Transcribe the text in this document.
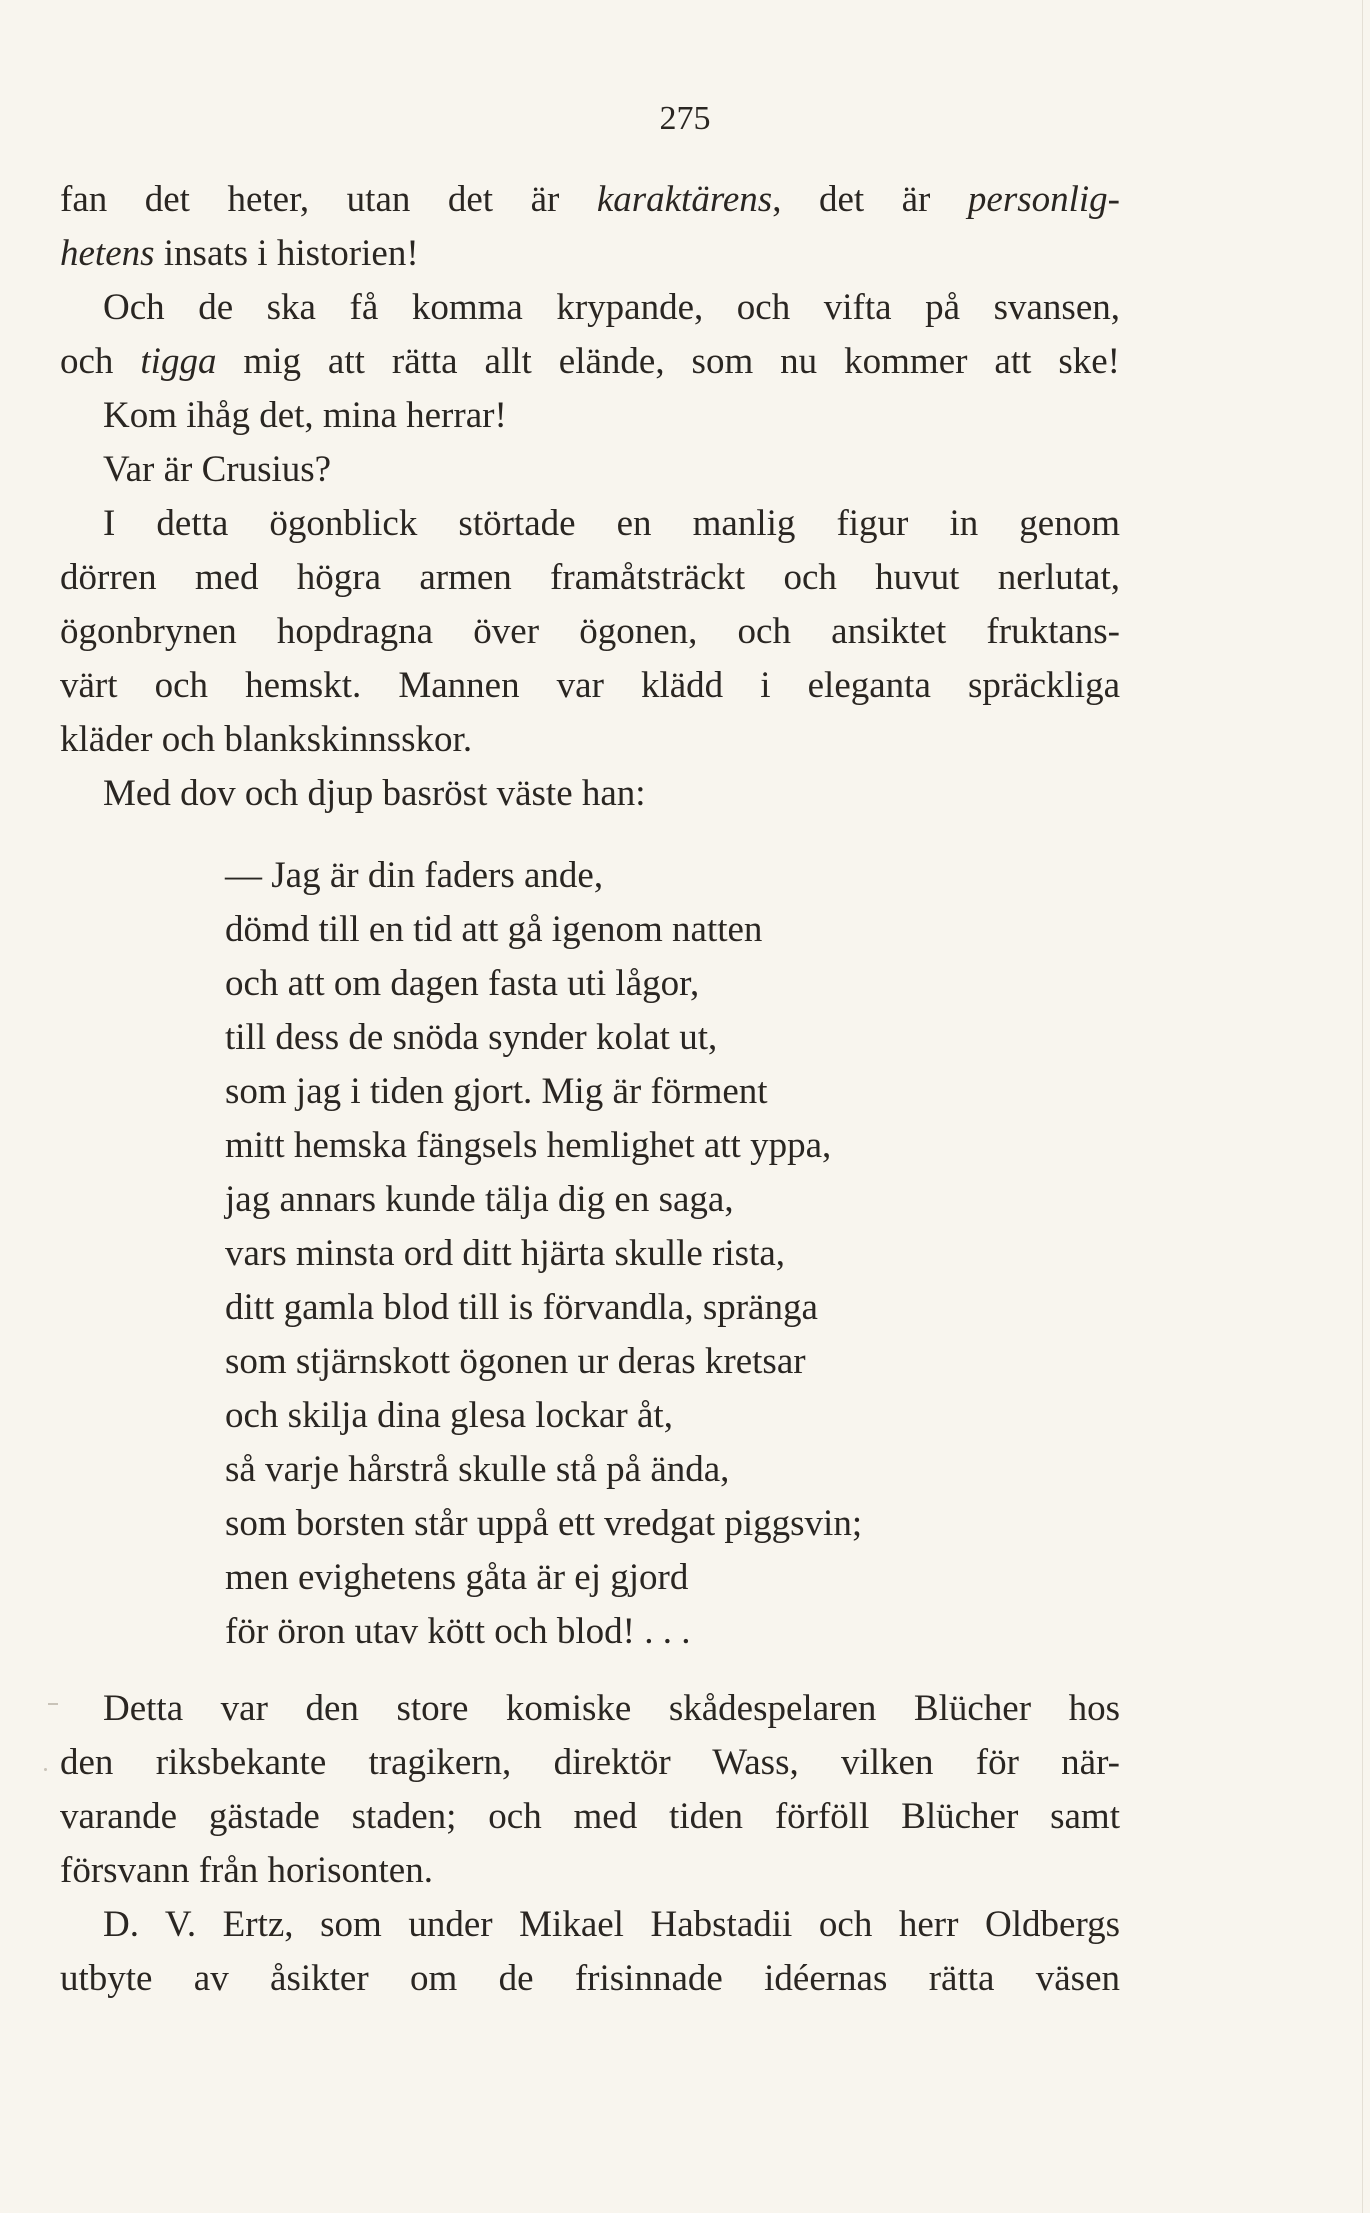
275
fan det heter, utan det är karaktärens, det är personlig-
hetens insats i historien!
Och de ska få komma krypande, och vifta på svansen,
och tigga mig att rätta allt elände, som nu kommer att ske!
Kom ihåg det, mina herrar!
Var är Crusius?
I detta ögonblick störtade en manlig figur in genom
dörren med högra armen framåtsträckt och huvut nerlutat,
ögonbrynen hopdragna över ögonen, och ansiktet fruktans-
värt och hemskt. Mannen var klädd i eleganta spräckliga
kläder och blankskinnsskor.
Med dov och djup basröst väste han:
— Jag är din faders ande,
dömd till en tid att gå igenom natten
och att om dagen fasta uti lågor,
till dess de snöda synder kolat ut,
som jag i tiden gjort. Mig är förment
mitt hemska fängsels hemlighet att yppa,
jag annars kunde tälja dig en saga,
vars minsta ord ditt hjärta skulle rista,
ditt gamla blod till is förvandla, spränga
som stjärnskott ögonen ur deras kretsar
och skilja dina glesa lockar åt,
så varje hårstrå skulle stå på ända,
som borsten står uppå ett vredgat piggsvin;
men evighetens gåta är ej gjord
för öron utav kött och blod! . . .
Detta var den store komiske skådespelaren Blücher hos
den riksbekante tragikern, direktör Wass, vilken för när-
varande gästade staden; och med tiden förföll Blücher samt
försvann från horisonten.
D. V. Ertz, som under Mikael Habstadii och herr Oldbergs
utbyte av åsikter om de frisinnade idéernas rätta väsen
